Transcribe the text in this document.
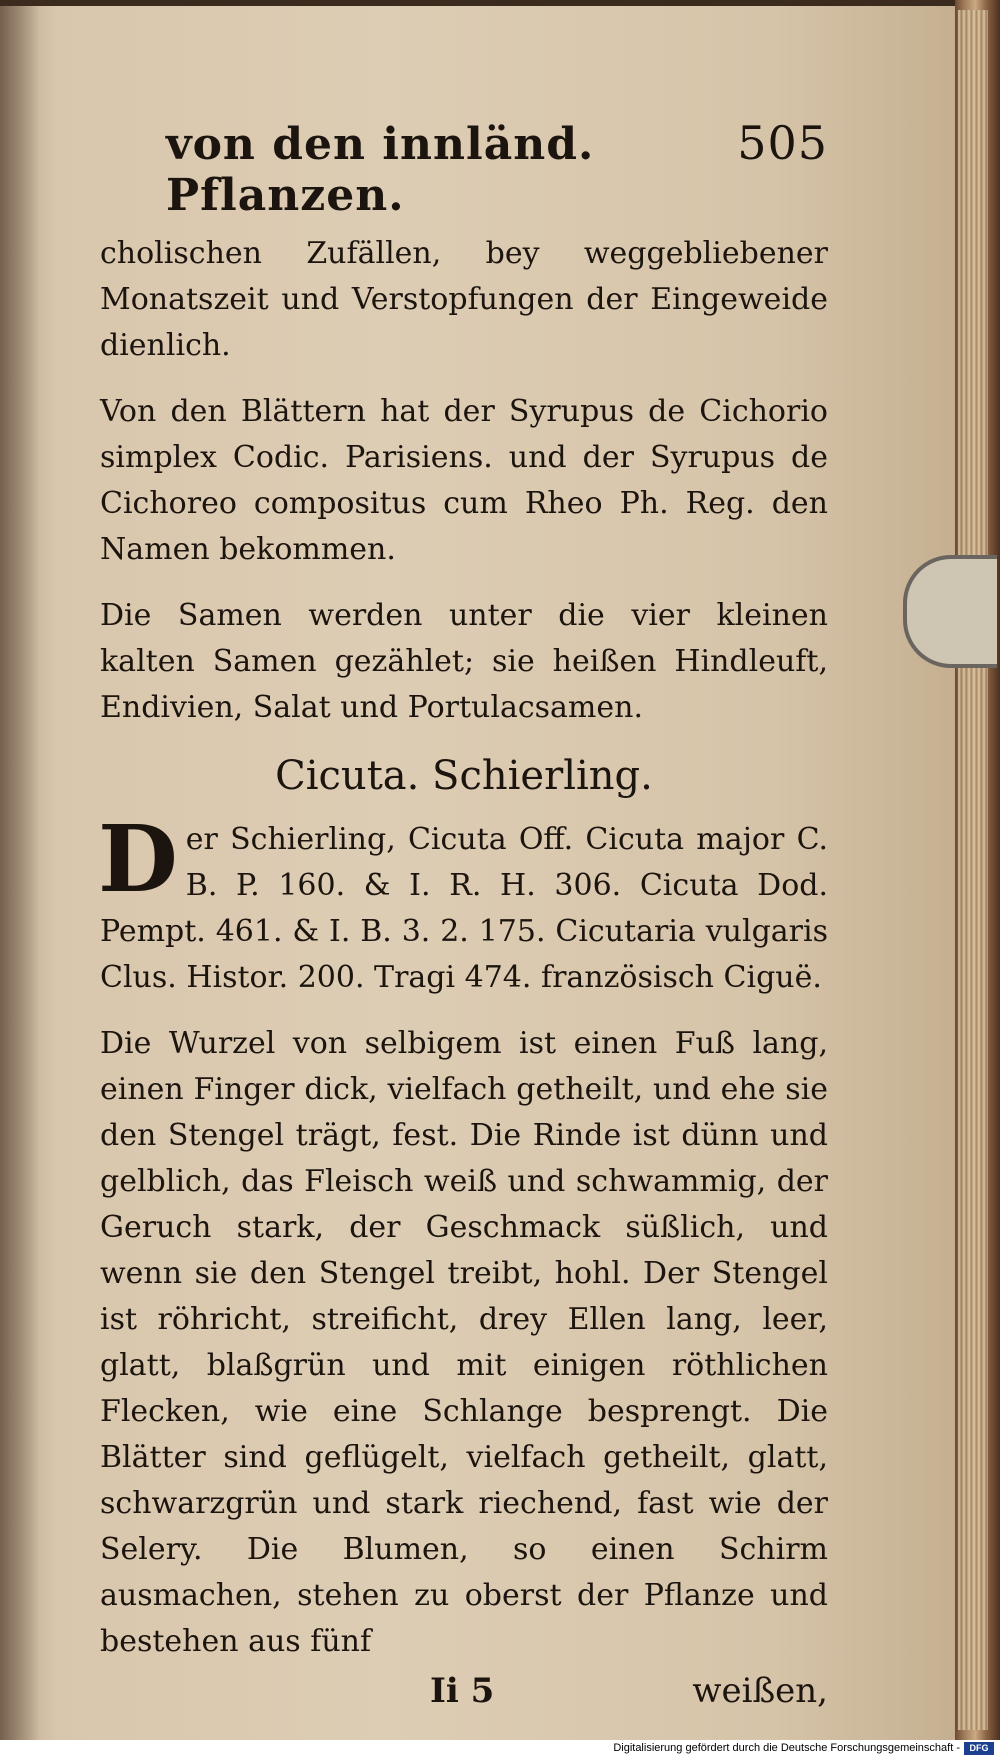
von den innländ. Pflanzen.
505

cholischen Zufällen, bey weggebliebener Monatszeit und Verstopfungen der Eingeweide dienlich.

Von den Blättern hat der Syrupus de Cichorio simplex Codic. Parisiens. und der Syrupus de Cichoreo compositus cum Rheo Ph. Reg. den Namen bekommen.

Die Samen werden unter die vier kleinen kalten Samen gezählet; sie heißen Hindleuft, Endivien, Salat und Portulacsamen.

Cicuta. Schierling.
D er Schierling, Cicuta Off. Cicuta major C. B. P. 160. & I. R. H. 306. Cicuta Dod. Pempt. 461. & I. B. 3. 2. 175. Cicutaria vulgaris Clus. Histor. 200. Tragi 474. französisch Ciguë.

Die Wurzel von selbigem ist einen Fuß lang, einen Finger dick, vielfach getheilt, und ehe sie den Stengel trägt, fest. Die Rinde ist dünn und gelblich, das Fleisch weiß und schwammig, der Geruch stark, der Geschmack süßlich, und wenn sie den Stengel treibt, hohl. Der Stengel ist röhricht, streificht, drey Ellen lang, leer, glatt, blaßgrün und mit einigen röthlichen Flecken, wie eine Schlange besprengt. Die Blätter sind geflügelt, vielfach getheilt, glatt, schwarzgrün und stark riechend, fast wie der Selery. Die Blumen, so einen Schirm ausmachen, stehen zu oberst der Pflanze und bestehen aus fünf

Ii 5	weißen,
Digitalisierung gefördert durch die Deutsche Forschungsgemeinschaft -	DFG
